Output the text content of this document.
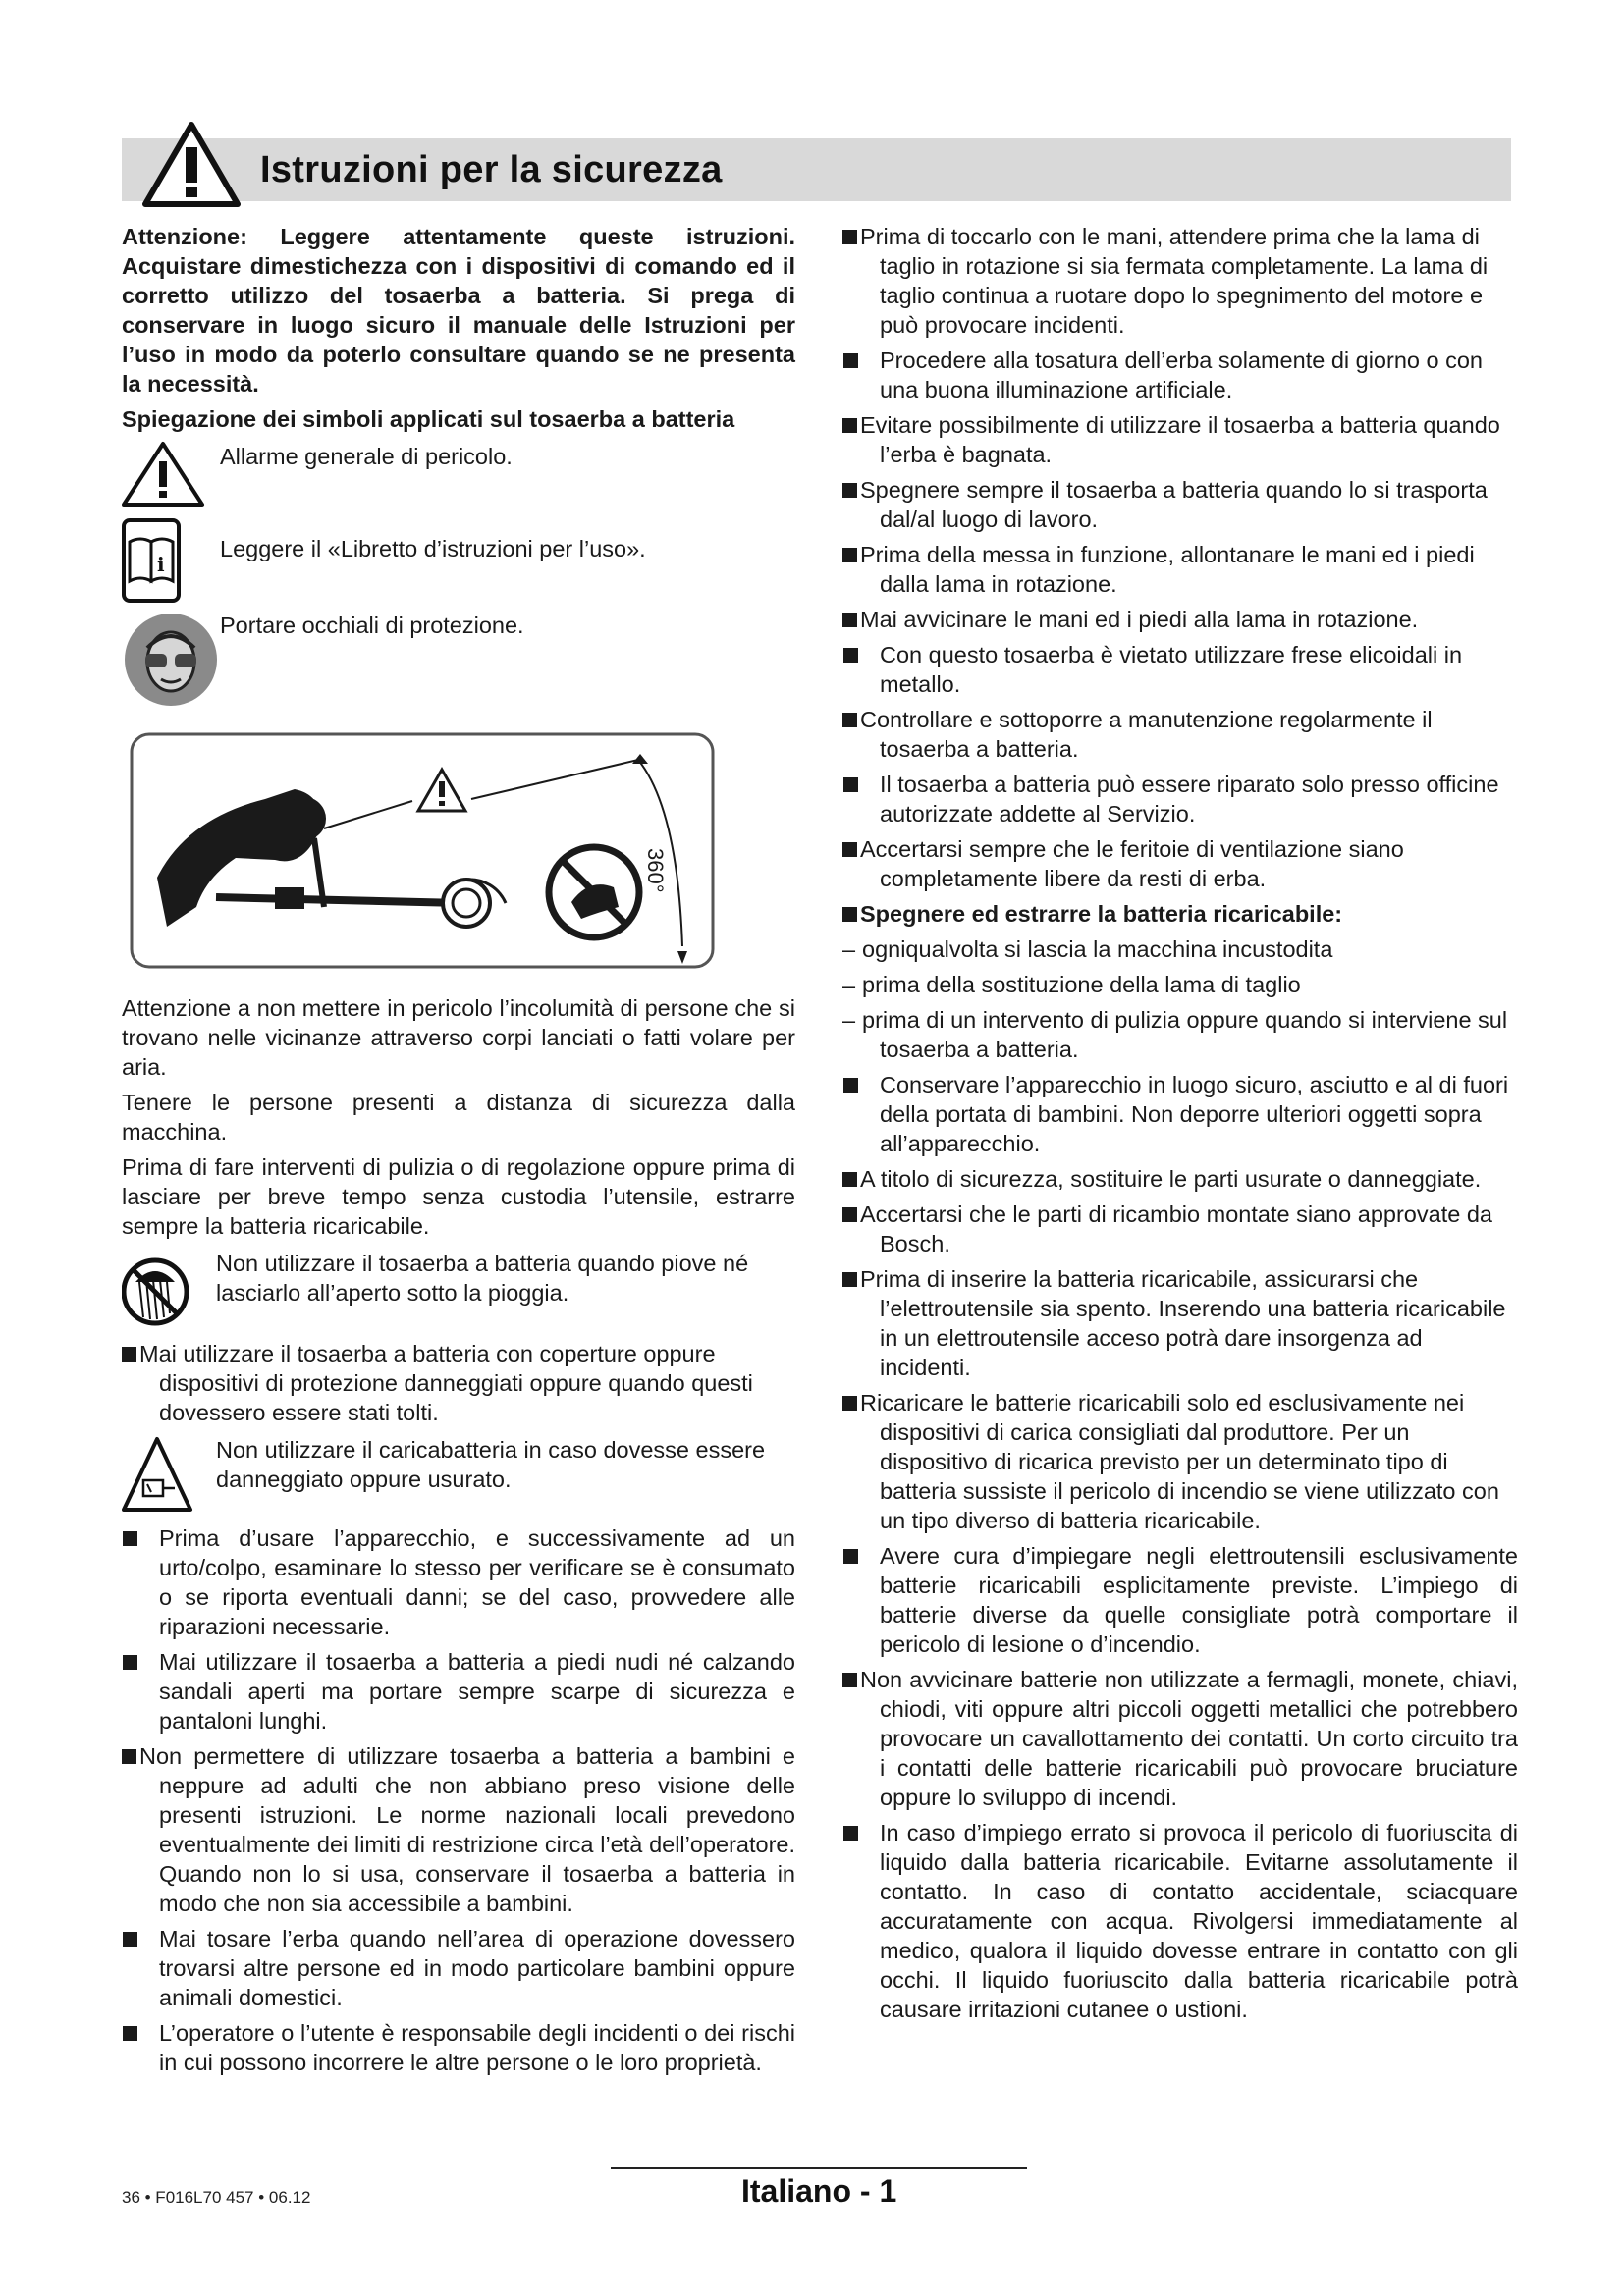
Istruzioni per la sicurezza

Attenzione: Leggere attentamente queste istruzioni. Acquistare dimestichezza con i dispositivi di comando ed il corretto utilizzo del tosaerba a batteria. Si prega di conservare in luogo sicuro il manuale delle Istruzioni per l’uso in modo da poterlo consultare quando se ne presenta la necessità.

Spiegazione dei simboli applicati sul tosaerba a batteria

Allarme generale di pericolo.
i
Leggere il «Libretto d’istruzioni per l’uso».
Portare occhiali di protezione.
360°

Attenzione a non mettere in pericolo l’incolumità di persone che si trovano nelle vicinanze attraverso corpi lanciati o fatti volare per aria.

Tenere le persone presenti a distanza di sicurezza dalla macchina.

Prima di fare interventi di pulizia o di regolazione oppure prima di lasciare per breve tempo senza custodia l’utensile, estrarre sempre la batteria ricaricabile.

Non utilizzare il tosaerba a batteria quando piove né lasciarlo all’aperto sotto la pioggia.
Mai utilizzare il tosaerba a batteria con coperture oppure dispositivi di protezione danneggiati oppure quando questi dovessero essere stati tolti.
Non utilizzare il caricabatteria in caso dovesse essere danneggiato oppure usurato.
Prima d’usare l’apparecchio, e successivamente ad un urto/colpo, esaminare lo stesso per verificare se è consumato o se riporta eventuali danni; se del caso, provvedere alle riparazioni necessarie.
Mai utilizzare il tosaerba a batteria a piedi nudi né calzando sandali aperti ma portare sempre scarpe di sicurezza e pantaloni lunghi.
Non permettere di utilizzare tosaerba a batteria a bambini e neppure ad adulti che non abbiano preso visione delle presenti istruzioni. Le norme nazionali locali prevedono eventualmente dei limiti di restrizione circa l’età dell’operatore. Quando non lo si usa, conservare il tosaerba a batteria in modo che non sia accessibile a bambini.
Mai tosare l’erba quando nell’area di operazione dovessero trovarsi altre persone ed in modo particolare bambini oppure animali domestici.
L’operatore o l’utente è responsabile degli incidenti o dei rischi in cui possono incorrere le altre persone o le loro proprietà.
Prima di toccarlo con le mani, attendere prima che la lama di taglio in rotazione si sia fermata completamente. La lama di taglio continua a ruotare dopo lo spegnimento del motore e può provocare incidenti.
Procedere alla tosatura dell’erba solamente di giorno o con una buona illuminazione artificiale.
Evitare possibilmente di utilizzare il tosaerba a batteria quando l’erba è bagnata.
Spegnere sempre il tosaerba a batteria quando lo si trasporta dal/al luogo di lavoro.
Prima della messa in funzione, allontanare le mani ed i piedi dalla lama in rotazione.
Mai avvicinare le mani ed i piedi alla lama in rotazione.
Con questo tosaerba è vietato utilizzare frese elicoidali in metallo.
Controllare e sottoporre a manutenzione regolarmente il tosaerba a batteria.
Il tosaerba a batteria può essere riparato solo presso officine autorizzate addette al Servizio.
Accertarsi sempre che le feritoie di ventilazione siano completamente libere da resti di erba.
Spegnere ed estrarre la batteria ricaricabile:
– ogniqualvolta si lascia la macchina incustodita
– prima della sostituzione della lama di taglio
– prima di un intervento di pulizia oppure quando si interviene sul tosaerba a batteria.
Conservare l’apparecchio in luogo sicuro, asciutto e al di fuori della portata di bambini. Non deporre ulteriori oggetti sopra all’apparecchio.
A titolo di sicurezza, sostituire le parti usurate o danneggiate.
Accertarsi che le parti di ricambio montate siano approvate da Bosch.
Prima di inserire la batteria ricaricabile, assicurarsi che l’elettroutensile sia spento. Inserendo una batteria ricaricabile in un elettroutensile acceso potrà dare insorgenza ad incidenti.
Ricaricare le batterie ricaricabili solo ed esclusivamente nei dispositivi di carica consigliati dal produttore. Per un dispositivo di ricarica previsto per un determinato tipo di batteria sussiste il pericolo di incendio se viene utilizzato con un tipo diverso di batteria ricaricabile.
Avere cura d’impiegare negli elettroutensili esclusivamente batterie ricaricabili esplicitamente previste. L’impiego di batterie diverse da quelle consigliate potrà comportare il pericolo di lesione o d’incendio.
Non avvicinare batterie non utilizzate a fermagli, monete, chiavi, chiodi, viti oppure altri piccoli oggetti metallici che potrebbero provocare un cavallottamento dei contatti. Un corto circuito tra i contatti delle batterie ricaricabili può provocare bruciature oppure lo sviluppo di incendi.
In caso d’impiego errato si provoca il pericolo di fuoriuscita di liquido dalla batteria ricaricabile. Evitarne assolutamente il contatto. In caso di contatto accidentale, sciacquare accuratamente con acqua. Rivolgersi immediatamente al medico, qualora il liquido dovesse entrare in contatto con gli occhi. Il liquido fuoriuscito dalla batteria ricaricabile potrà causare irritazioni cutanee o ustioni.
36 • F016L70 457 • 06.12	Italiano - 1
